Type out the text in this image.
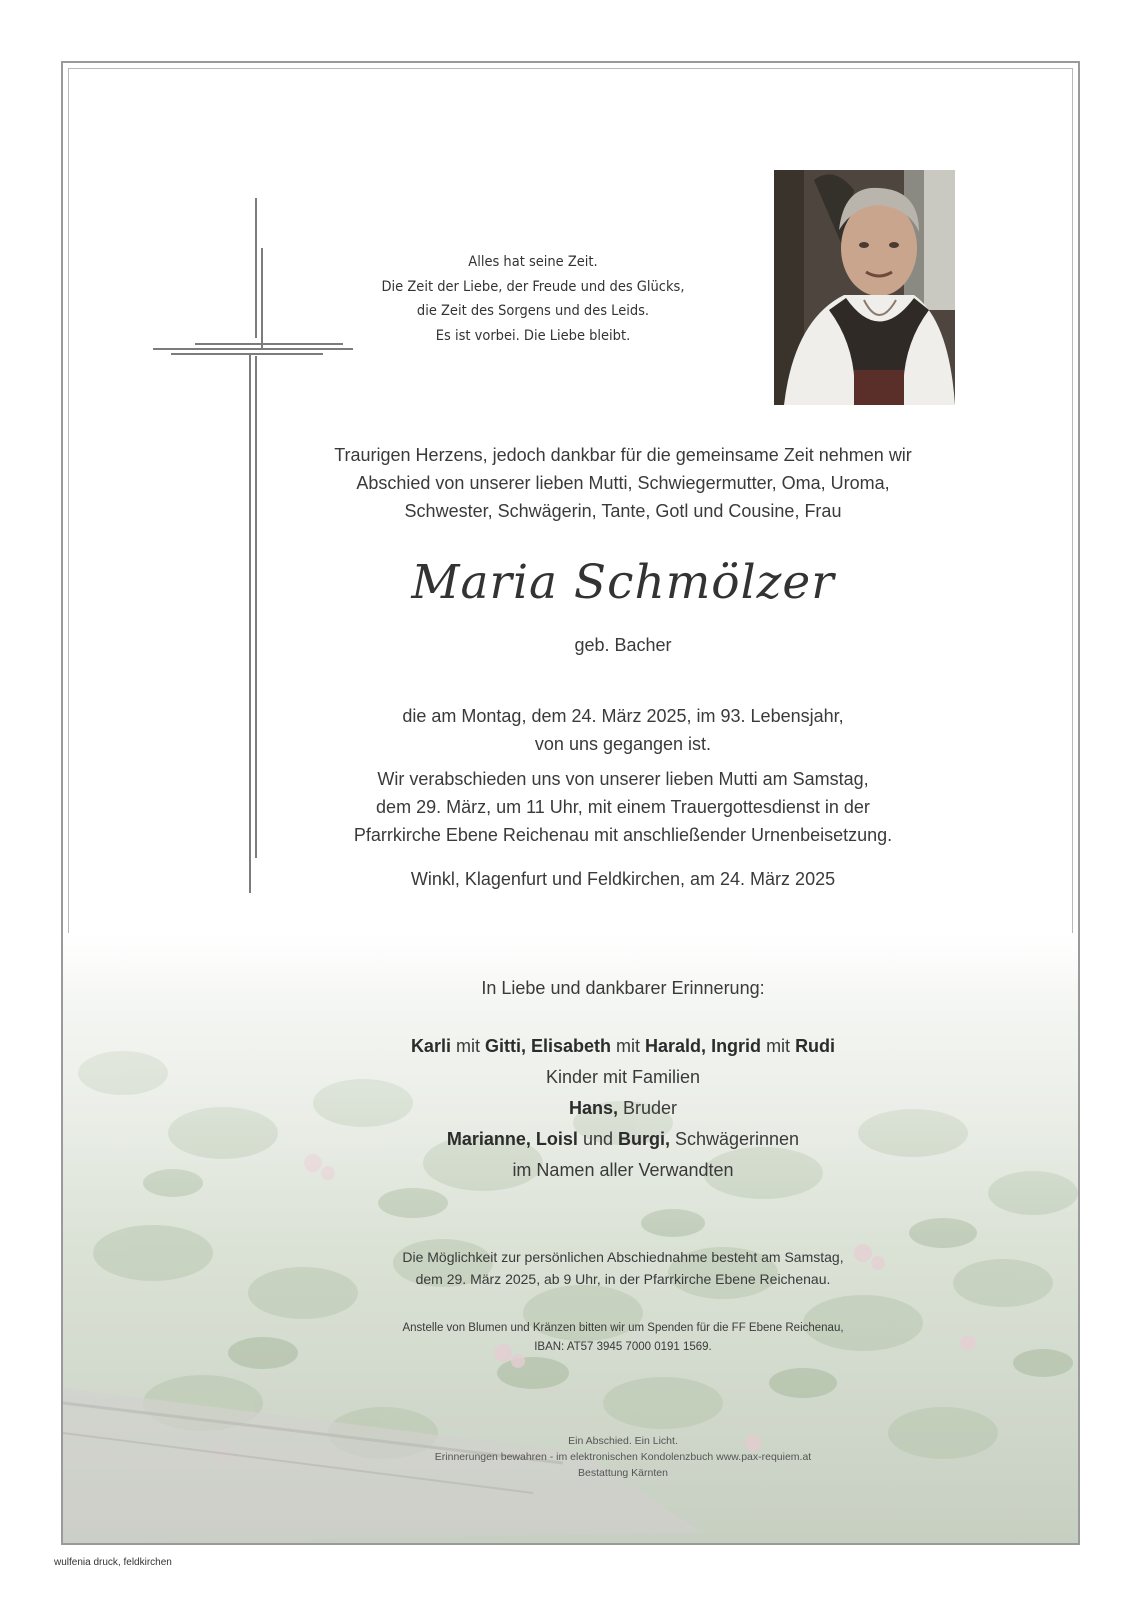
Alles hat seine Zeit.
Die Zeit der Liebe, der Freude und des Glücks,
die Zeit des Sorgens und des Leids.
Es ist vorbei. Die Liebe bleibt.
Traurigen Herzens, jedoch dankbar für die gemeinsame Zeit nehmen wir
Abschied von unserer lieben Mutti, Schwiegermutter, Oma, Uroma,
Schwester, Schwägerin, Tante, Gotl und Cousine, Frau
Maria Schmölzer
geb. Bacher
die am Montag, dem 24. März 2025, im 93. Lebensjahr,
von uns gegangen ist.
Wir verabschieden uns von unserer lieben Mutti am Samstag,
dem 29. März, um 11 Uhr, mit einem Trauergottesdienst in der
Pfarrkirche Ebene Reichenau mit anschließender Urnenbeisetzung.
Winkl, Klagenfurt und Feldkirchen, am 24. März 2025
In Liebe und dankbarer Erinnerung:
Karli mit Gitti, Elisabeth mit Harald, Ingrid mit Rudi
Kinder mit Familien
Hans, Bruder
Marianne, Loisl und Burgi, Schwägerinnen
im Namen aller Verwandten
Die Möglichkeit zur persönlichen Abschiednahme besteht am Samstag,
dem 29. März 2025, ab 9 Uhr, in der Pfarrkirche Ebene Reichenau.
Anstelle von Blumen und Kränzen bitten wir um Spenden für die FF Ebene Reichenau,
IBAN: AT57 3945 7000 0191 1569.
Ein Abschied. Ein Licht.
Erinnerungen bewahren - im elektronischen Kondolenzbuch www.pax-requiem.at
Bestattung Kärnten
wulfenia druck, feldkirchen
